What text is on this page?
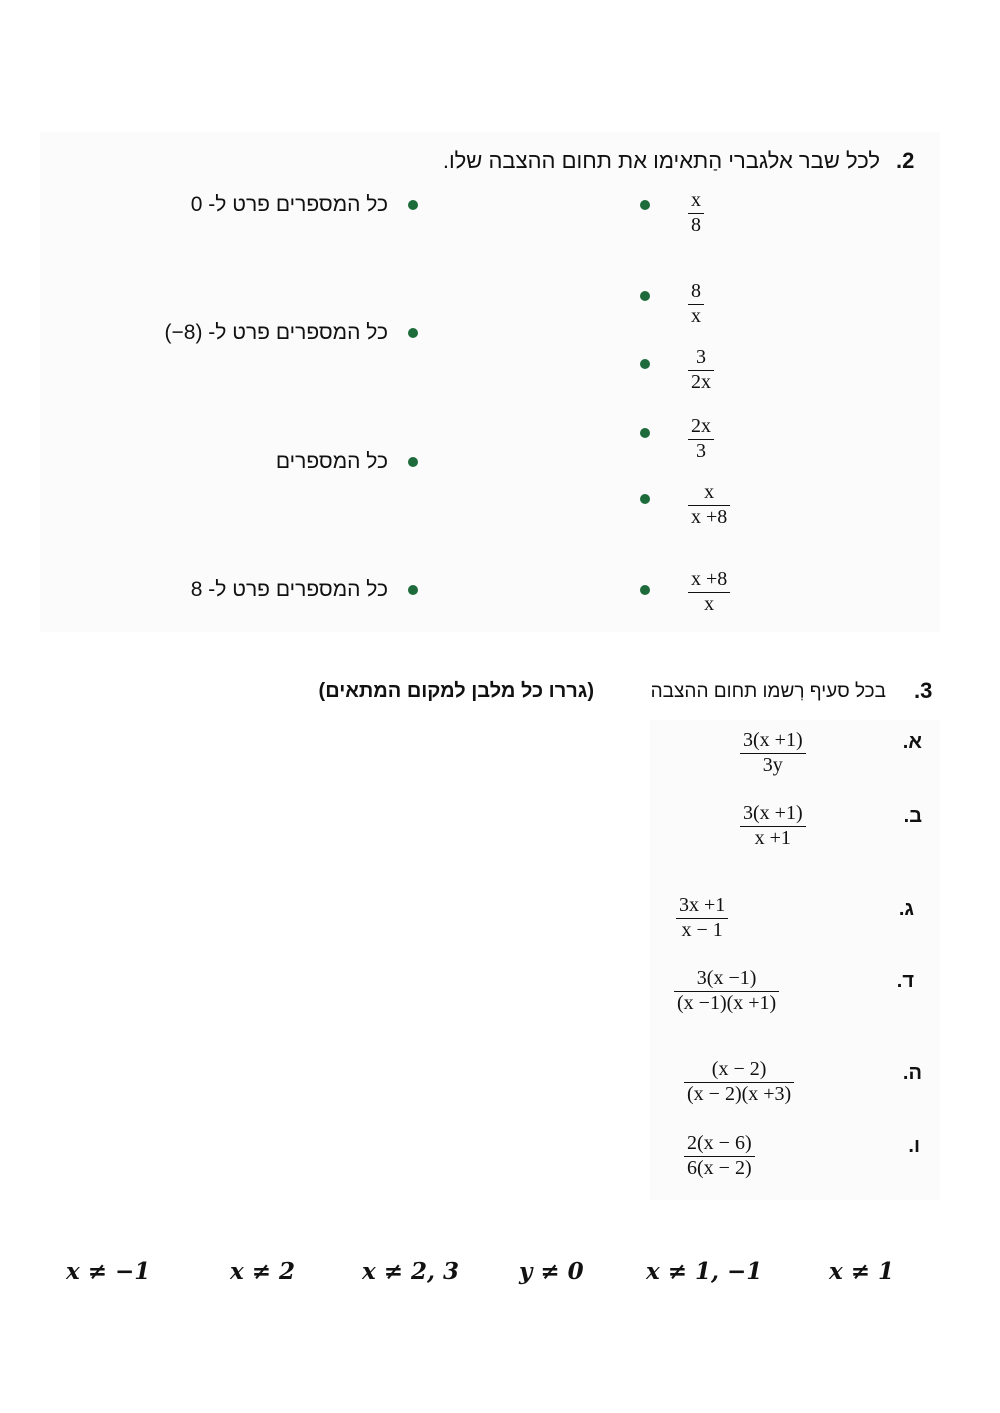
.2
לכל שבר אלגברי הַתאימו את תחום ההצבה שלו.
x
8
8
x
3
2x
2x
3
x
x +8
x +8
x
כל המספרים פרט ל- 0
כל המספרים פרט ל- (8−)
כל המספרים
כל המספרים פרט ל- 8
.3
בכל סעיף רְשמו תחום ההצבה
(גררו כל מלבן למקום המתאים)
א.
3(x +1)
3y
ב.
3(x +1)
x +1
ג.
3x +1
x − 1
ד.
3(x −1)
(x −1)(x +1)
ה.
(x − 2)
(x − 2)(x +3)
ו.
2(x − 6)
6(x − 2)
x ≠ −1	x ≠ 2	x ≠ 2, 3	y ≠ 0	x ≠ 1, −1	x ≠ 1
